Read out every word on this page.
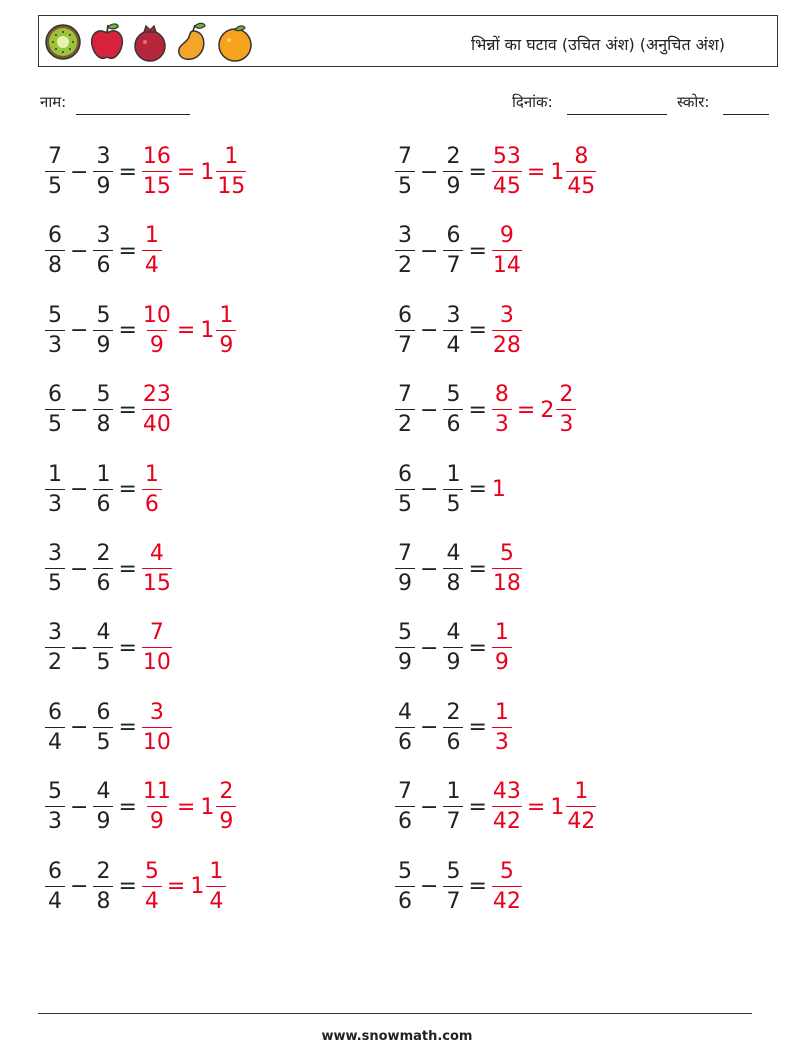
भिन्नों का घटाव (उचित अंश) (अनुचित अंश)
नाम:	दिनांक:	स्कोर:
$\frac{7}{5} - \frac{3}{9} = \frac{16}{15} = 1 \frac{1}{15}$	$\frac{7}{5} - \frac{2}{9} = \frac{53}{45} = 1 \frac{8}{45}$
$\frac{6}{8} - \frac{3}{6} = \frac{1}{4}$	$\frac{3}{2} - \frac{6}{7} = \frac{9}{14}$
$\frac{5}{3} - \frac{5}{9} = \frac{10}{9} = 1 \frac{1}{9}$	$\frac{6}{7} - \frac{3}{4} = \frac{3}{28}$
$\frac{6}{5} - \frac{5}{8} = \frac{23}{40}$	$\frac{7}{2} - \frac{5}{6} = \frac{8}{3} = 2 \frac{2}{3}$
$\frac{1}{3} - \frac{1}{6} = \frac{1}{6}$	$\frac{6}{5} - \frac{1}{5} = 1$
$\frac{3}{5} - \frac{2}{6} = \frac{4}{15}$	$\frac{7}{9} - \frac{4}{8} = \frac{5}{18}$
$\frac{3}{2} - \frac{4}{5} = \frac{7}{10}$	$\frac{5}{9} - \frac{4}{9} = \frac{1}{9}$
$\frac{6}{4} - \frac{6}{5} = \frac{3}{10}$	$\frac{4}{6} - \frac{2}{6} = \frac{1}{3}$
$\frac{5}{3} - \frac{4}{9} = \frac{11}{9} = 1 \frac{2}{9}$	$\frac{7}{6} - \frac{1}{7} = \frac{43}{42} = 1 \frac{1}{42}$
$\frac{6}{4} - \frac{2}{8} = \frac{5}{4} = 1 \frac{1}{4}$	$\frac{5}{6} - \frac{5}{7} = \frac{5}{42}$
www.snowmath.com
